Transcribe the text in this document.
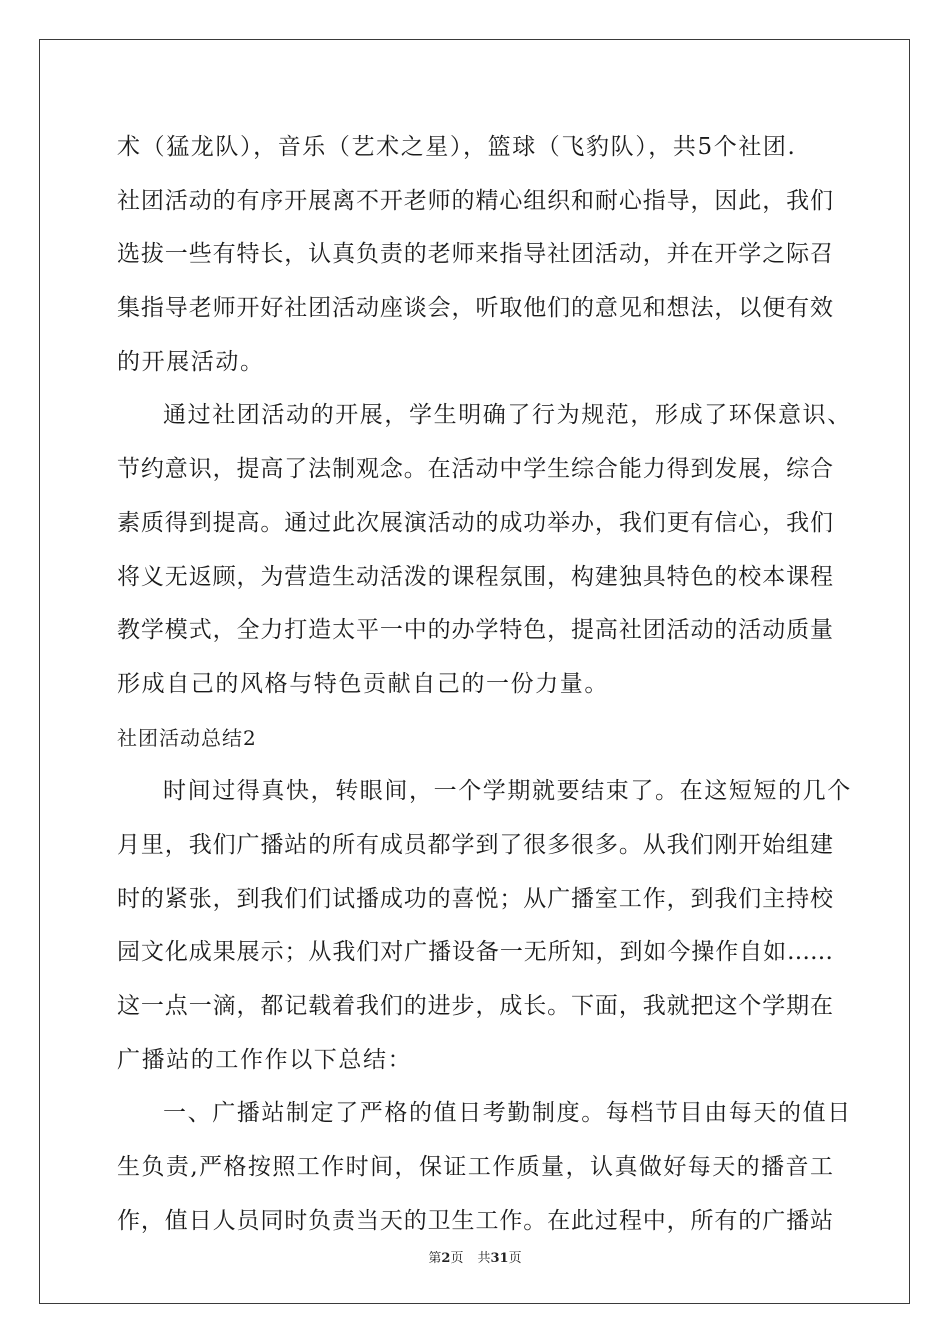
术（猛龙队），音乐（艺术之星），篮球（飞豹队），共5个社团.
社团活动的有序开展离不开老师的精心组织和耐心指导，因此，我们
选拔一些有特长，认真负责的老师来指导社团活动，并在开学之际召
集指导老师开好社团活动座谈会，听取他们的意见和想法，以便有效
的开展活动。
通过社团活动的开展，学生明确了行为规范，形成了环保意识、
节约意识，提高了法制观念。在活动中学生综合能力得到发展，综合
素质得到提高。通过此次展演活动的成功举办，我们更有信心，我们
将义无返顾，为营造生动活泼的课程氛围，构建独具特色的校本课程
教学模式，全力打造太平一中的办学特色，提高社团活动的活动质量
形成自己的风格与特色贡献自己的一份力量。
社团活动总结2
时间过得真快，转眼间，一个学期就要结束了。在这短短的几个
月里，我们广播站的所有成员都学到了很多很多。从我们刚开始组建
时的紧张，到我们们试播成功的喜悦；从广播室工作，到我们主持校
园文化成果展示；从我们对广播设备一无所知，到如今操作自如……
这一点一滴，都记载着我们的进步，成长。下面，我就把这个学期在
广播站的工作作以下总结：
一、广播站制定了严格的值日考勤制度。每档节目由每天的值日
生负责,严格按照工作时间，保证工作质量，认真做好每天的播音工
作，值日人员同时负责当天的卫生工作。在此过程中，所有的广播站
第2页 共31页
